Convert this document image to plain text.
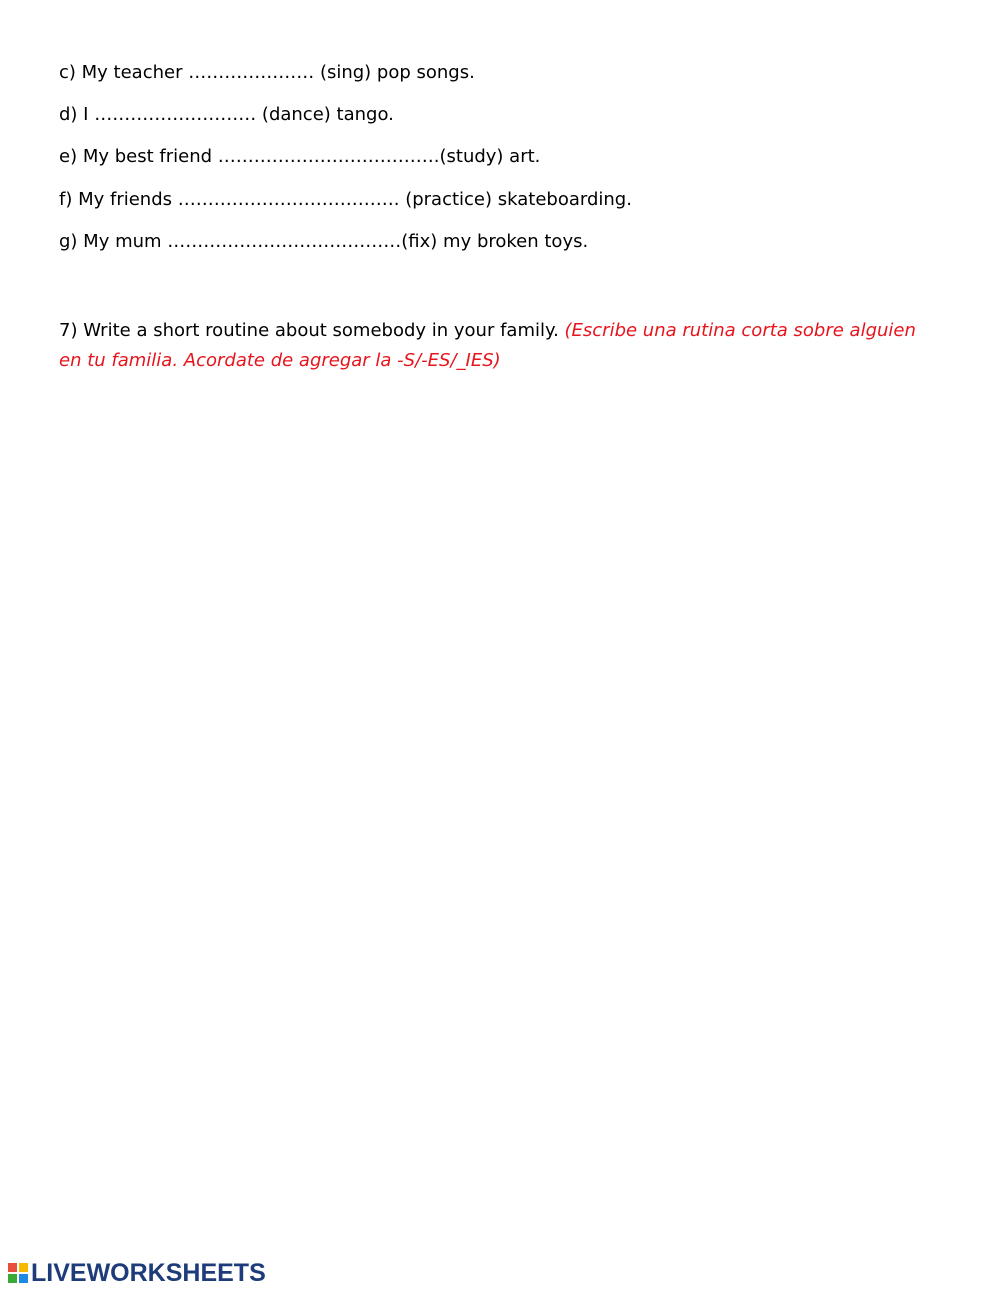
c) My teacher ………………… (sing) pop songs.
d) I ……………………… (dance) tango.
e) My best friend ……………………………….(study) art.
f) My friends ………………………………. (practice) skateboarding.
g) My mum …………………………………(fix) my broken toys.
7) Write a short routine about somebody in your family. (Escribe una rutina corta sobre alguien en tu familia. Acordate de agregar la -S/-ES/_IES)
LIVEWORKSHEETS
